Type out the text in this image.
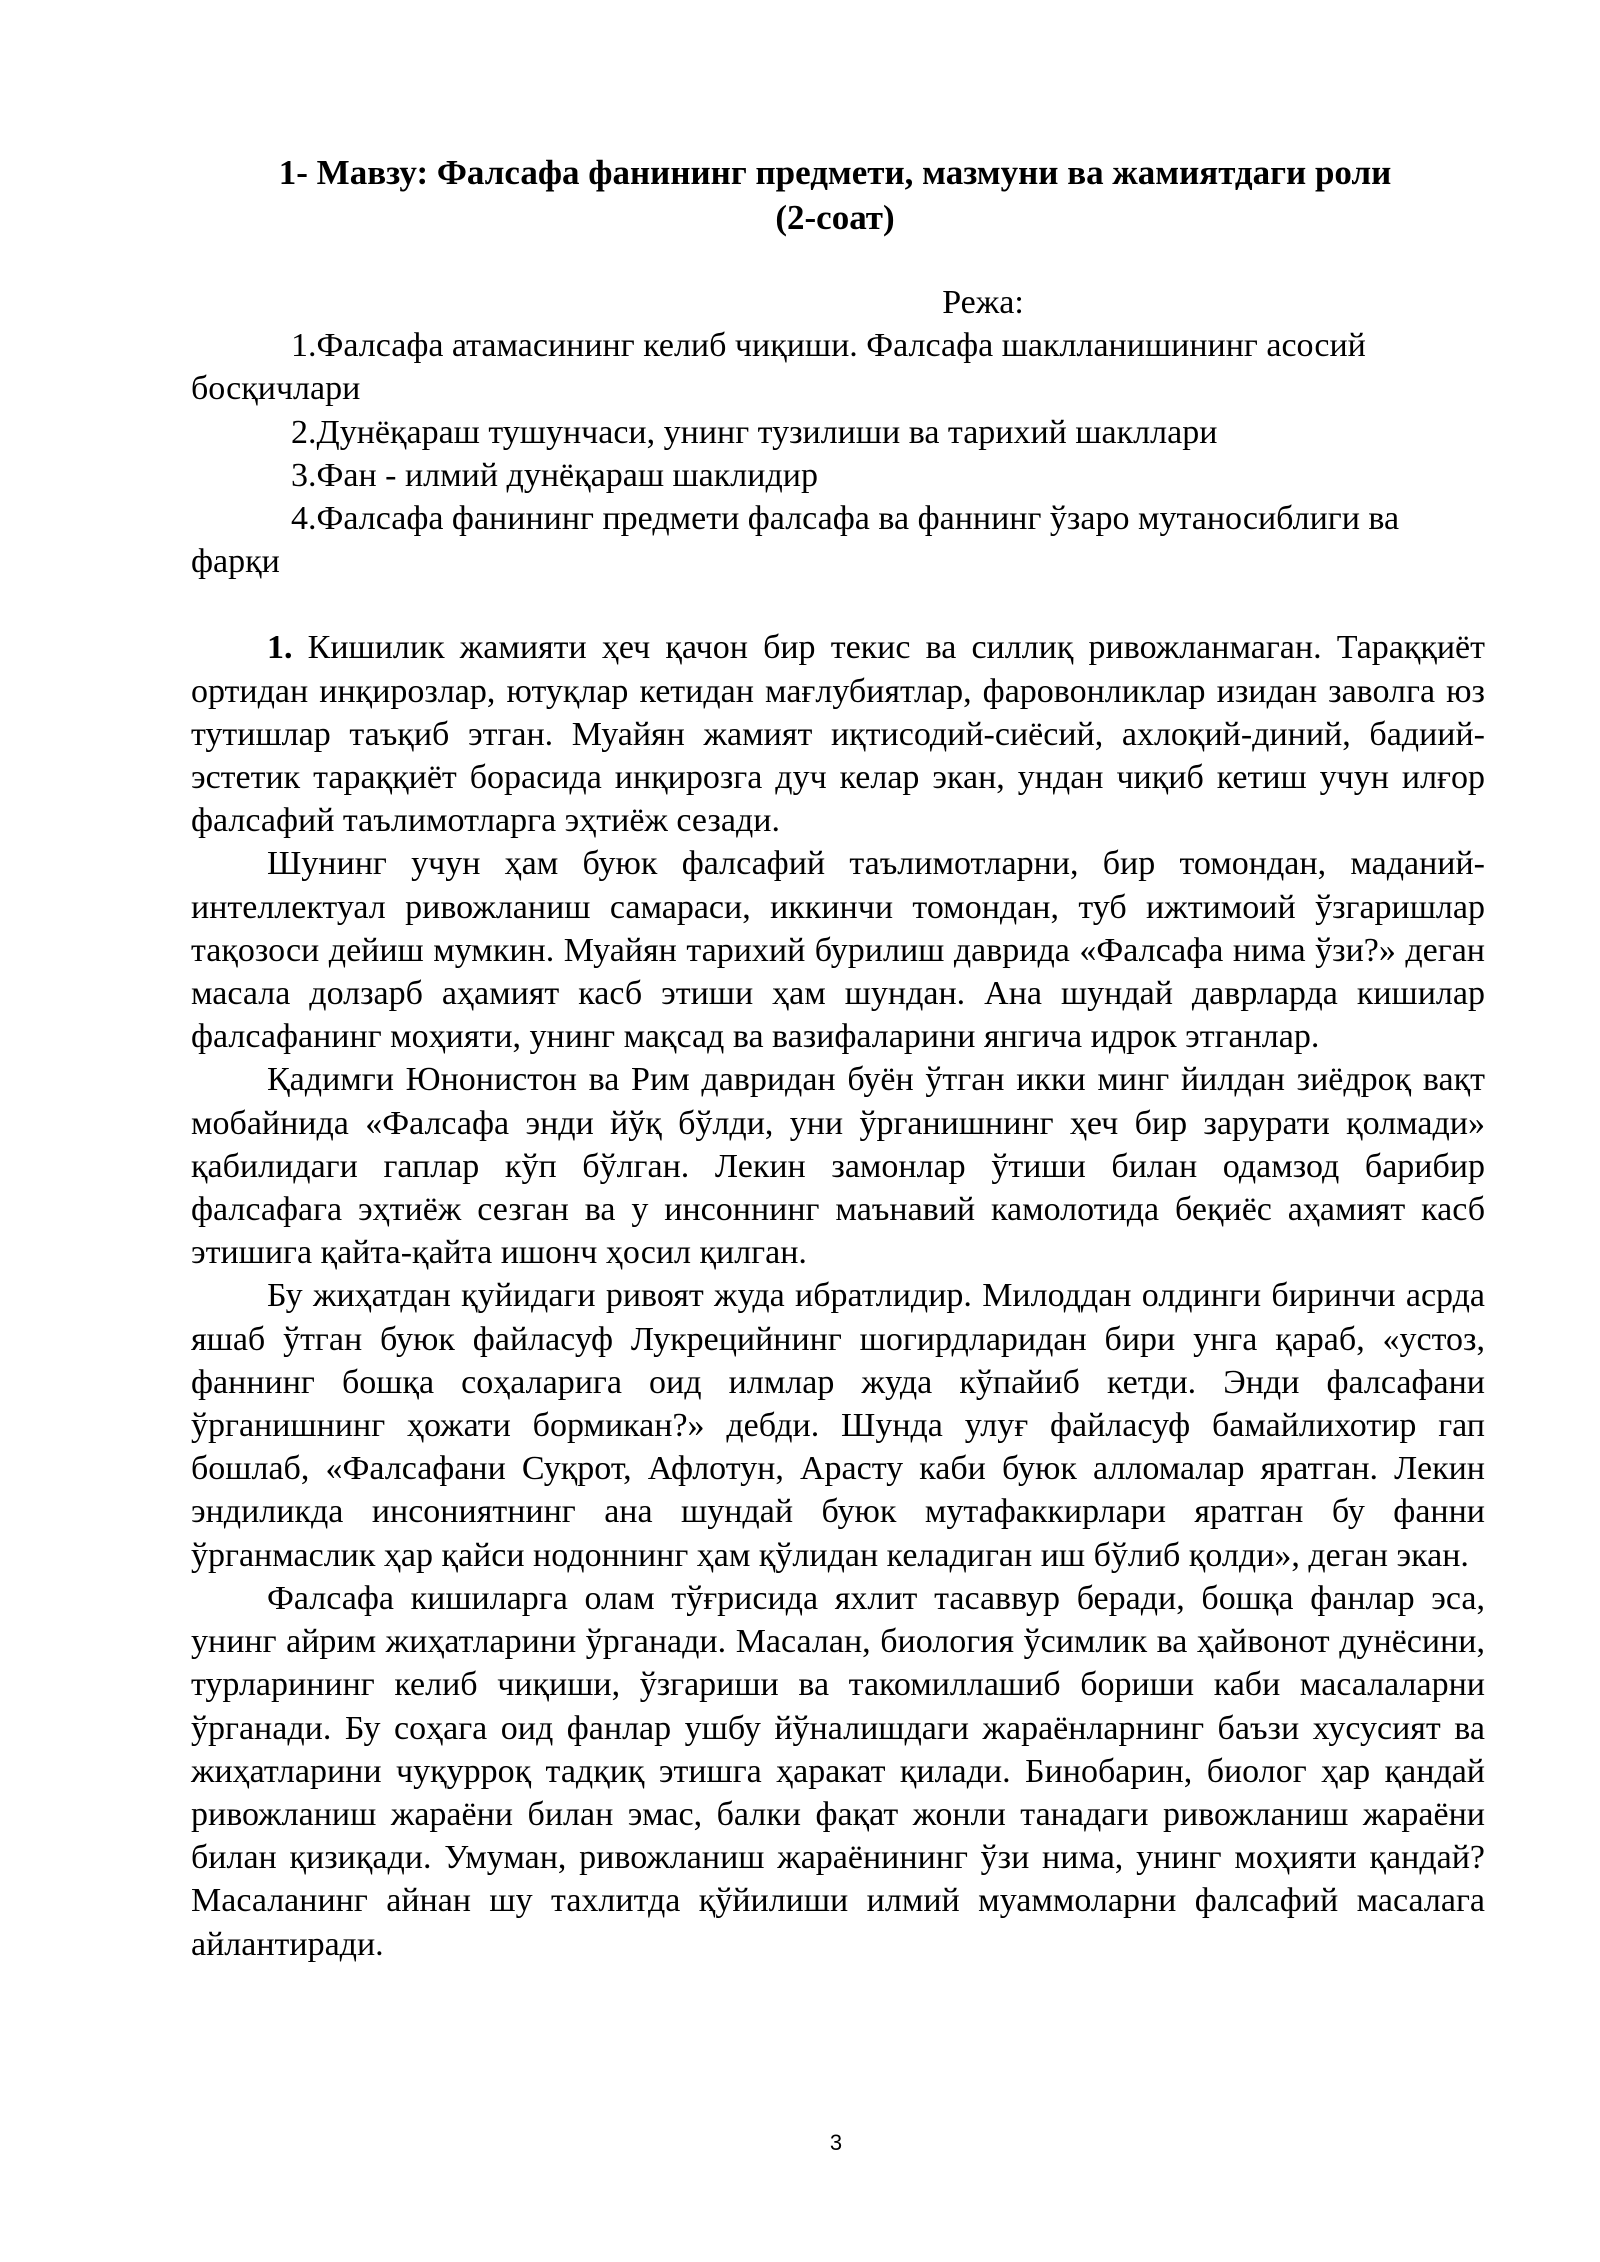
1- Мавзу: Фалсафа фанининг предмети, мазмуни ва жамиятдаги роли
(2-соат)

Режа:

1.Фалсафа атамасининг келиб чиқиши. Фалсафа шаклланишининг асосий босқичлари

2.Дунёқараш тушунчаси, унинг тузилиши ва тарихий шакллари

3.Фан - илмий дунёқараш шаклидир

4.Фалсафа фанининг предмети фалсафа ва фаннинг ўзаро мутаносиблиги ва фарқи

1. Кишилик жамияти ҳеч қачон бир текис ва силлиқ ривожланмаган. Тараққиёт ортидан инқирозлар, ютуқлар кетидан мағлубиятлар, фаровонликлар изидан заволга юз тутишлар таъқиб этган. Муайян жамият иқтисодий-сиёсий, ахлоқий-диний, бадиий-эстетик тараққиёт борасида инқирозга дуч келар экан, ундан чиқиб кетиш учун илғор фалсафий таълимотларга эҳтиёж сезади.

Шунинг учун ҳам буюк фалсафий таълимотларни, бир томондан, маданий-интеллектуал ривожланиш самараси, иккинчи томондан, туб ижтимоий ўзгаришлар тақозоси дейиш мумкин. Муайян тарихий бурилиш даврида «Фалсафа нима ўзи?» деган масала долзарб аҳамият касб этиши ҳам шундан. Ана шундай даврларда кишилар фалсафанинг моҳияти, унинг мақсад ва вазифаларини янгича идрок этганлар.

Қадимги Юнонистон ва Рим давридан буён ўтган икки минг йилдан зиёдроқ вақт мобайнида «Фалсафа энди йўқ бўлди, уни ўрганишнинг ҳеч бир зарурати қолмади» қабилидаги гаплар кўп бўлган. Лекин замонлар ўтиши билан одамзод барибир фалсафага эҳтиёж сезган ва у инсоннинг маънавий камолотида беқиёс аҳамият касб этишига қайта-қайта ишонч ҳосил қилган.

Бу жиҳатдан қуйидаги ривоят жуда ибратлидир. Милоддан олдинги биринчи асрда яшаб ўтган буюк файласуф Лукрецийнинг шогирдларидан бири унга қараб, «устоз, фаннинг бошқа соҳаларига оид илмлар жуда кўпайиб кетди. Энди фалсафани ўрганишнинг ҳожати бормикан?» дебди. Шунда улуғ файласуф бамайлихотир гап бошлаб, «Фалсафани Суқрот, Афлотун, Арасту каби буюк алломалар яратган. Лекин эндиликда инсониятнинг ана шундай буюк мутафаккирлари яратган бу фанни ўрганмаслик ҳар қайси нодоннинг ҳам қўлидан келадиган иш бўлиб қолди», деган экан.

Фалсафа кишиларга олам тўғрисида яхлит тасаввур беради, бошқа фанлар эса, унинг айрим жиҳатларини ўрганади. Масалан, биология ўсимлик ва ҳайвонот дунёсини, турларининг келиб чиқиши, ўзгариши ва такомиллашиб бориши каби масалаларни ўрганади. Бу соҳага оид фанлар ушбу йўналишдаги жараёнларнинг баъзи хусусият ва жиҳатларини чуқурроқ тадқиқ этишга ҳаракат қилади. Бинобарин, биолог ҳар қандай ривожланиш жараёни билан эмас, балки фақат жонли танадаги ривожланиш жараёни билан қизиқади. Умуман, ривожланиш жараёнининг ўзи нима, унинг моҳияти қандай? Масаланинг айнан шу тахлитда қўйилиши илмий муаммоларни фалсафий масалага айлантиради.

3
